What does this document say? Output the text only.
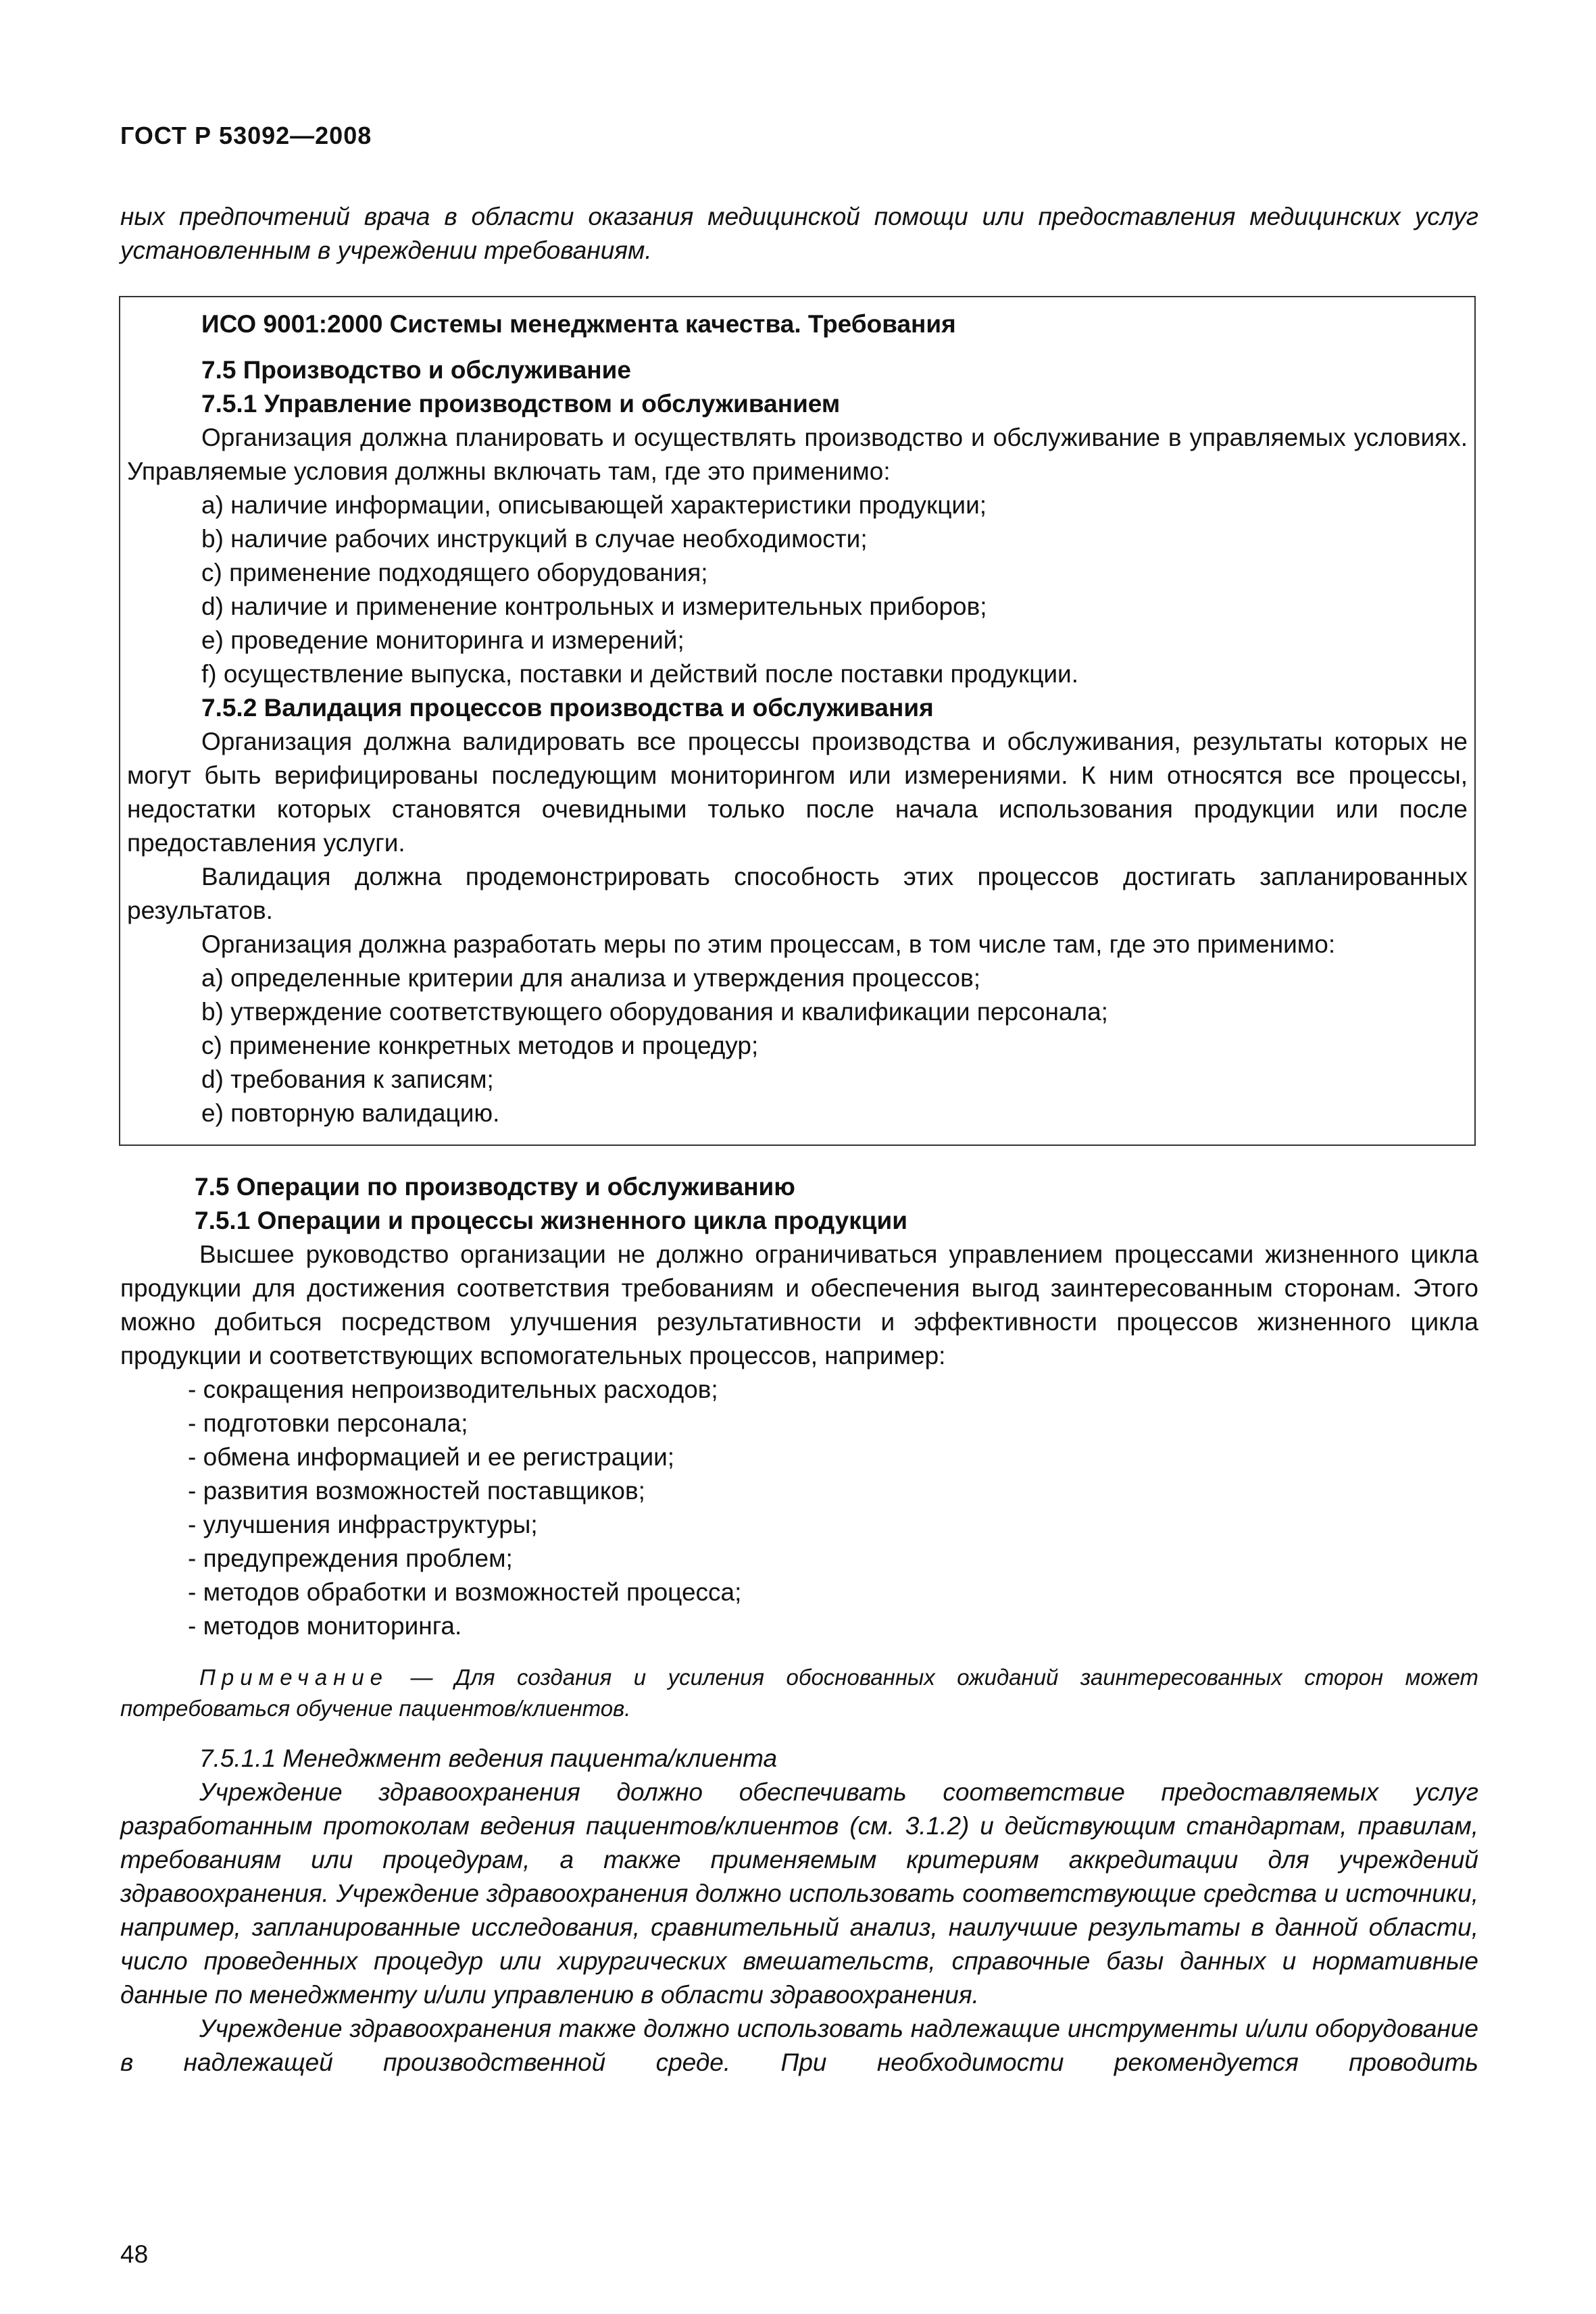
ГОСТ Р 53092—2008

ных предпочтений врача в области оказания медицинской помощи или предоставления медицинских услуг установленным в учреждении требованиям.

ИСО 9001:2000 Системы менеджмента качества. Требования

7.5 Производство и обслуживание

7.5.1 Управление производством и обслуживанием

Организация должна планировать и осуществлять производство и обслуживание в управляемых условиях. Управляемые условия должны включать там, где это применимо:

а) наличие информации, описывающей характеристики продукции;

b) наличие рабочих инструкций в случае необходимости;

c) применение подходящего оборудования;

d) наличие и применение контрольных и измерительных приборов;

e) проведение мониторинга и измерений;

f) осуществление выпуска, поставки и действий после поставки продукции.

7.5.2 Валидация процессов производства и обслуживания

Организация должна валидировать все процессы производства и обслуживания, результаты которых не могут быть верифицированы последующим мониторингом или измерениями. К ним относятся все процессы, недостатки которых становятся очевидными только после начала использования продукции или после предоставления услуги.

Валидация должна продемонстрировать способность этих процессов достигать запланированных результатов.

Организация должна разработать меры по этим процессам, в том числе там, где это применимо:

а) определенные критерии для анализа и утверждения процессов;

b) утверждение соответствующего оборудования и квалификации персонала;

c) применение конкретных методов и процедур;

d) требования к записям;

е) повторную валидацию.

7.5 Операции по производству и обслуживанию

7.5.1 Операции и процессы жизненного цикла продукции

Высшее руководство организации не должно ограничиваться управлением процессами жизненного цикла продукции для достижения соответствия требованиям и обеспечения выгод заинтересованным сторонам. Этого можно добиться посредством улучшения результативности и эффективности процессов жизненного цикла продукции и соответствующих вспомогательных процессов, например:

- сокращения непроизводительных расходов;

- подготовки персонала;

- обмена информацией и ее регистрации;

- развития возможностей поставщиков;

- улучшения инфраструктуры;

- предупреждения проблем;

- методов обработки и возможностей процесса;

- методов мониторинга.

Примечание — Для создания и усиления обоснованных ожиданий заинтересованных сторон может потребоваться обучение пациентов/клиентов.

7.5.1.1 Менеджмент ведения пациента/клиента

Учреждение здравоохранения должно обеспечивать соответствие предоставляемых услуг разработанным протоколам ведения пациентов/клиентов (см. 3.1.2) и действующим стандартам, правилам, требованиям или процедурам, а также применяемым критериям аккредитации для учреждений здравоохранения. Учреждение здравоохранения должно использовать соответствующие средства и источники, например, запланированные исследования, сравнительный анализ, наилучшие результаты в данной области, число проведенных процедур или хирургических вмешательств, справочные базы данных и нормативные данные по менеджменту и/или управлению в области здравоохранения.

Учреждение здравоохранения также должно использовать надлежащие инструменты и/или оборудование в надлежащей производственной среде. При необходимости рекомендуется проводить

48
